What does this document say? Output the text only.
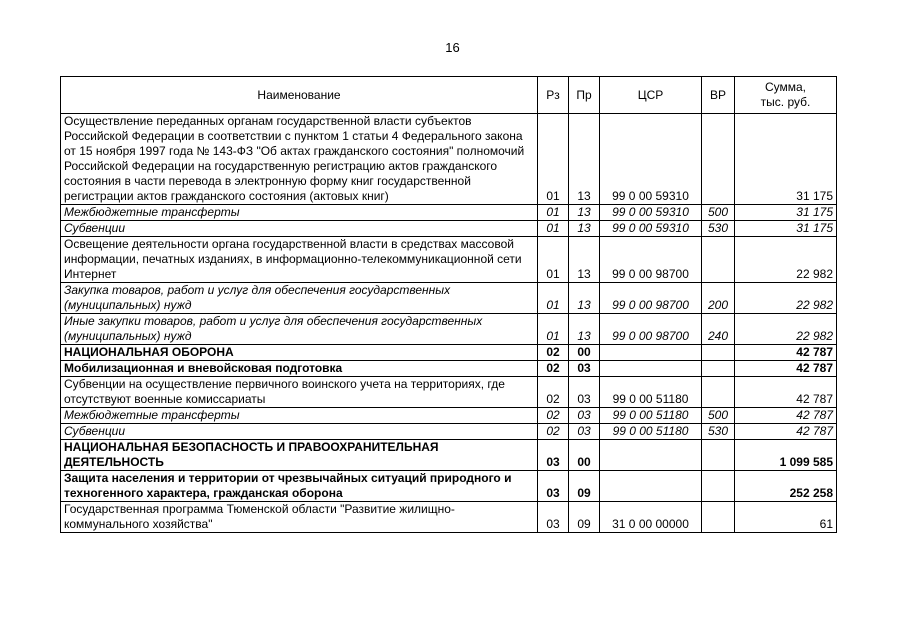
16
Наименование	Рз	Пр	ЦСР	ВР	Сумма,
тыс. руб.

Осуществление переданных органам государственной власти субъектов Российской Федерации в соответствии с пунктом 1 статьи 4 Федерального закона от 15 ноября 1997 года № 143-ФЗ "Об актах гражданского состояния" полномочий Российской Федерации на государственную регистрацию актов гражданского состояния в части перевода в электронную форму книг государственной регистрации актов гражданского состояния (актовых книг)	01	13	99 0 00 59310		31 175
Межбюджетные трансферты	01	13	99 0 00 59310	500	31 175
Субвенции	01	13	99 0 00 59310	530	31 175
Освещение деятельности органа государственной власти в средствах массовой информации, печатных изданиях, в информационно-телекоммуникационной сети Интернет	01	13	99 0 00 98700		22 982
Закупка товаров, работ и услуг для обеспечения государственных (муниципальных) нужд	01	13	99 0 00 98700	200	22 982
Иные закупки товаров, работ и услуг для обеспечения государственных (муниципальных) нужд	01	13	99 0 00 98700	240	22 982
НАЦИОНАЛЬНАЯ ОБОРОНА	02	00			42 787
Мобилизационная и вневойсковая подготовка	02	03			42 787
Субвенции на осуществление первичного воинского учета на территориях, где отсутствуют военные комиссариаты	02	03	99 0 00 51180		42 787
Межбюджетные трансферты	02	03	99 0 00 51180	500	42 787
Субвенции	02	03	99 0 00 51180	530	42 787
НАЦИОНАЛЬНАЯ БЕЗОПАСНОСТЬ И ПРАВООХРАНИТЕЛЬНАЯ ДЕЯТЕЛЬНОСТЬ	03	00			1 099 585
Защита населения и территории от чрезвычайных ситуаций природного и техногенного характера, гражданская оборона	03	09			252 258
Государственная программа Тюменской области "Развитие жилищно-коммунального хозяйства"	03	09	31 0 00 00000		61
